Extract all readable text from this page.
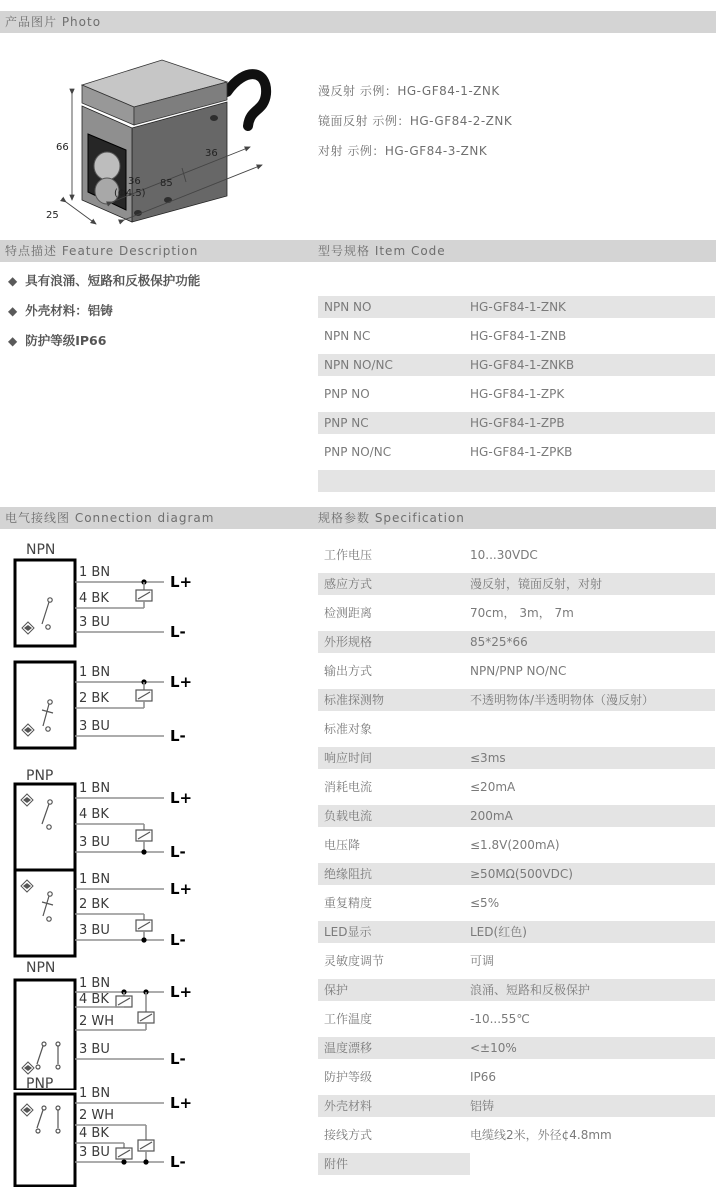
产品图片 Photo
66
25
36
36
(Φ4.5)
85
漫反射 示例：HG-GF84-1-ZNK
镜面反射 示例：HG-GF84-2-ZNK
对射 示例：HG-GF84-3-ZNK
特点描述 Feature Description	型号规格 Item Code
◆ 具有浪涌、短路和反极保护功能
◆ 外壳材料：铝铸
◆ 防护等级IP66
NPN NO	HG-GF84-1-ZNK
NPN NC	HG-GF84-1-ZNB
NPN NO/NC	HG-GF84-1-ZNKB
PNP NO	HG-GF84-1-ZPK
PNP NC	HG-GF84-1-ZPB
PNP NO/NC	HG-GF84-1-ZPKB
电气接线图 Connection diagram	规格参数 Specification
NPN
1 BN
4 BK
3 BU
L+
L-
1 BN
2 BK
3 BU
L+
L-
PNP
1 BN
4 BK
3 BU
L+
L-
1 BN
2 BK
3 BU
L+
L-
NPN
1 BN
4 BK
2 WH
3 BU
L+
L-
PNP
1 BN
2 WH
4 BK
3 BU
L+
L-
工作电压	10...30VDC
感应方式	漫反射，镜面反射，对射
检测距离	70cm， 3m， 7m
外形规格	85*25*66
输出方式	NPN/PNP NO/NC
标准探测物	不透明物体/半透明物体（漫反射）
标准对象
响应时间	≤3ms
消耗电流	≤20mA
负载电流	200mA
电压降	≤1.8V(200mA)
绝缘阻抗	≥50MΩ(500VDC)
重复精度	≤5%
LED显示	LED(红色)
灵敏度调节	可调
保护	浪涌、短路和反极保护
工作温度	-10...55℃
温度漂移	<±10%
防护等级	IP66
外壳材料	铝铸
接线方式	电缆线2米，外径¢4.8mm
附件
